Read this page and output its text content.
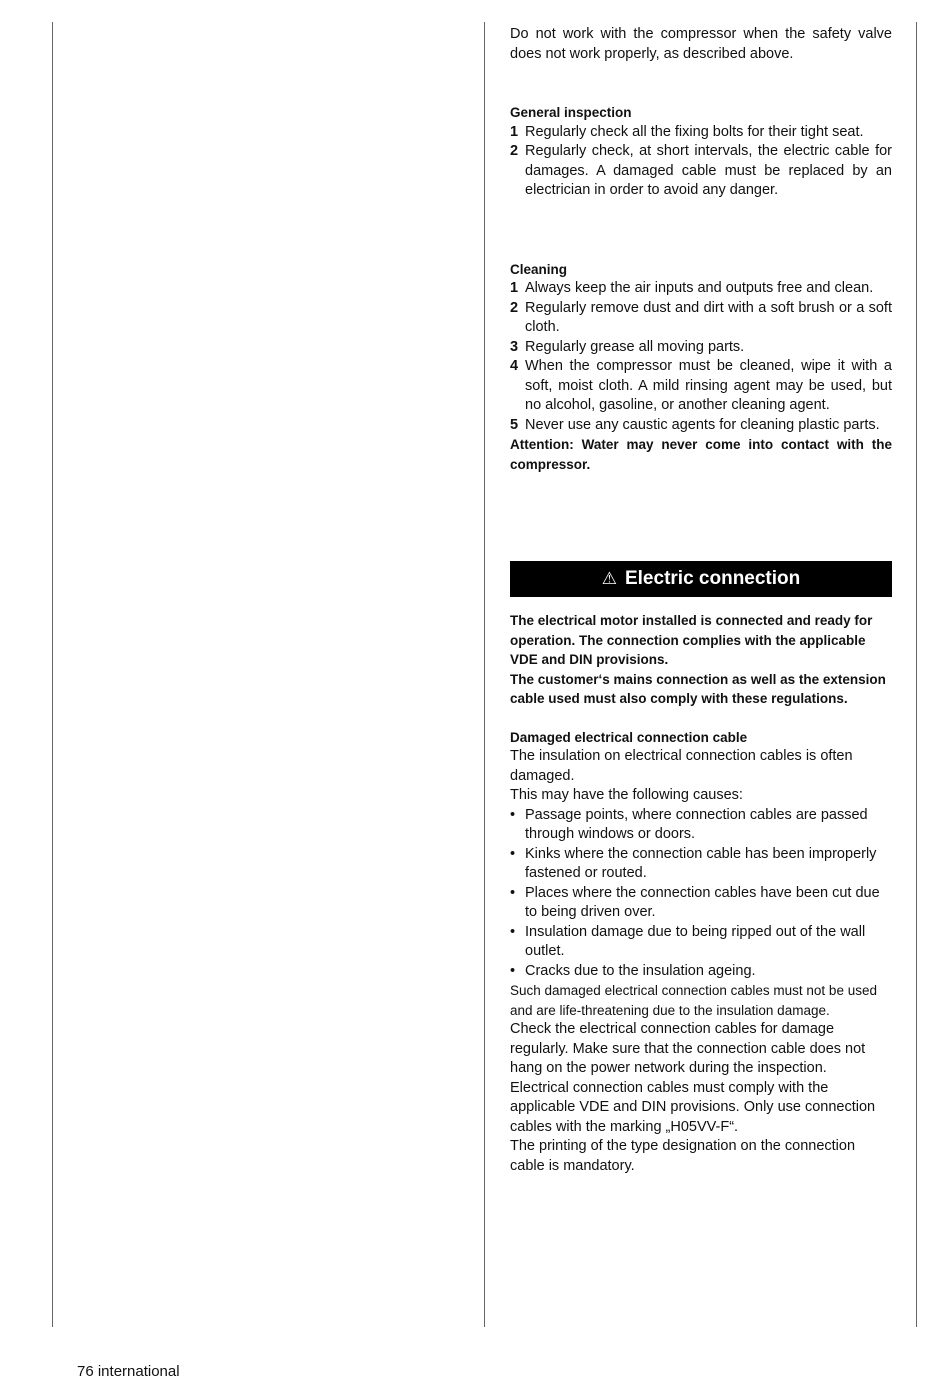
Do not work with the compressor when the safety valve does not work properly, as described above.

General inspection

1 Regularly check all the fixing bolts for their tight seat.
2 Regularly check, at short intervals, the electric cable for damages. A damaged cable must be replaced by an electrician in order to avoid any danger.

Cleaning

1 Always keep the air inputs and outputs free and clean.
2 Regularly remove dust and dirt with a soft brush or a soft cloth.
3 Regularly grease all moving parts.
4 When the compressor must be cleaned, wipe it with a soft, moist cloth. A mild rinsing agent may be used, but no alcohol, gasoline, or another cleaning agent.
5 Never use any caustic agents for cleaning plastic parts.

Attention: Water may never come into contact with the compressor.

⚠ Electric connection

The electrical motor installed is connected and ready for operation. The connection complies with the applicable VDE and DIN provisions.

The customer‘s mains connection as well as the extension cable used must also comply with these regulations.

Damaged electrical connection cable

The insulation on electrical connection cables is often damaged.

This may have the following causes:

• Passage points, where connection cables are passed through windows or doors.
• Kinks where the connection cable has been improperly fastened or routed.
• Places where the connection cables have been cut due to being driven over.
• Insulation damage due to being ripped out of the wall outlet.
• Cracks due to the insulation ageing.

Such damaged electrical connection cables must not be used and are life-threatening due to the insulation damage.

Check the electrical connection cables for damage regularly. Make sure that the connection cable does not hang on the power network during the inspection.

Electrical connection cables must comply with the applicable VDE and DIN provisions. Only use connection cables with the marking „H05VV-F“.

The printing of the type designation on the connection cable is mandatory.

76 international
